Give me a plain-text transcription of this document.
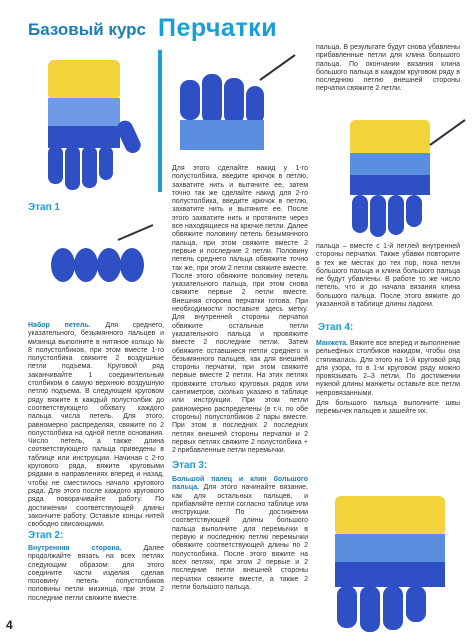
Базовый курс Перчатки
Этап 1
Этап 2:
Этап 3:
Этап 4:

Набор петель. Для среднего, указательного, безымянного пальцев и мизинца выполните в нитяное кольцо № 8 полустолбиков, при этом вместе 1-го полустолбика свяжите 2 воздушные петли подъема. Круговой ряд заканчивайте 1 соединительным столбиком в самую верхнюю воздушную петлю подъема. В следующем круговом ряду вяжите в каждый полустолбик до соответствующего обхвату каждого пальца числа петель. Для этого, равномерно распределяя, свяжите по 2 полустолбика на одной петле основания. Число петель, а также длина соответствующего пальца приведены в таблице или инструкции. Начиная с 2-го кругового ряда, вяжите круговыми рядами в направлениях вперед и назад, чтобы не сместилось начало кругового ряда. Для этого после каждого кругового ряда поворачивайте работу. По достижении соответствующей длины закончите работу. Оставьте концы нитей свободно свисающими.

Внутренняя сторона. Далее продолжайте вязать на всех петлях следующим образом: для этого соедините части изделия сделав половину петель полустолбиков половины петли мизинца, при этом 2 последние петли свяжите вместе.

Для этого сделайте накид у 1-го полустолбика, введите крючок в петлю, захватите нить и вытяните ее, затем точно так же сделайте накид для 2-го полустолбика, введите крючок в петлю, захватите нить и вытяните ее. После этого захватите нить и протяните через все находящиеся на крючке петли. Далее обвяжите половину петель безымянного пальца, при этом свяжите вместе 2 первые и последние 2 петли. Половину петель среднего пальца обвяжите точно так же, при этом 2 петли свяжите вместе. После этого обвяжите половину петель указательного пальца, при этом снова свяжите первые 2 петли вместе. Внешняя сторона перчатки готова. При необходимости поставьте здесь метку. Для внутренней стороны перчатки обвяжите остальные петли указательного пальца и провяжите вместе 2 последние петли. Затем обвяжите оставшиеся петли среднего и безымянного пальцев, как для внешней стороны перчатки, при этом свяжите первые вместе 2 петли. На этих петлях провяжите столько круговых рядов или сантиметров, сколько указано в таблице или инструкции. При этом петли равномерно распределены (в т.ч. по обе стороны) полустолбиков 2 пары вместе. При этом в последних 2 последних петлях внешней стороны перчатки и 2 первых петлях свяжите 2 полустолбика + 2 прибавленные петли перемычки.

Большой палец и клин большого пальца. Для этого начинайте вязание, как для остальных пальцев, и прибавляйте петли согласно таблице или инструкции. По достижении соответствующей длины большого пальца выполните для перемычки в первую и последнюю петлю перемычки обвяжите соответствующей длины по 2 полустолбика. После этого вяжите на всех петлях, при этом 2 первые и 2 последние петли внешней стороны перчатки свяжите вместе, а также 2 петли большого пальца.

пальца. В результате будут снова убавлены прибавленные петли для клина большого пальца. По окончании вязания клина большого пальца в каждом круговом ряду в последнюю петлю внешней стороны перчатки свяжите 2 петли.

пальца – вместе с 1-й петлей внутренней стороны перчатки. Также убавки повторите в тех же местах до тех пор, пока петли большого пальца и клина большого пальца не будут убавлены. В работе то же число петель, что и до начала вязания клина большого пальца. После этого вяжите до указанной в таблице длины ладони.

Манжета. Вяжите все вперед и выполнение рельефных столбиков накидом, чтобы она стягивалась. Для этого на 1-й круговой ряд для узора, то в 1-м круговом ряду можно провязывать 2–3 петли. По достижении нужной длины манжеты оставьте все петли непровязанными.

Для большого пальца выполните швы перемычек пальцев и зашейте их.

4
